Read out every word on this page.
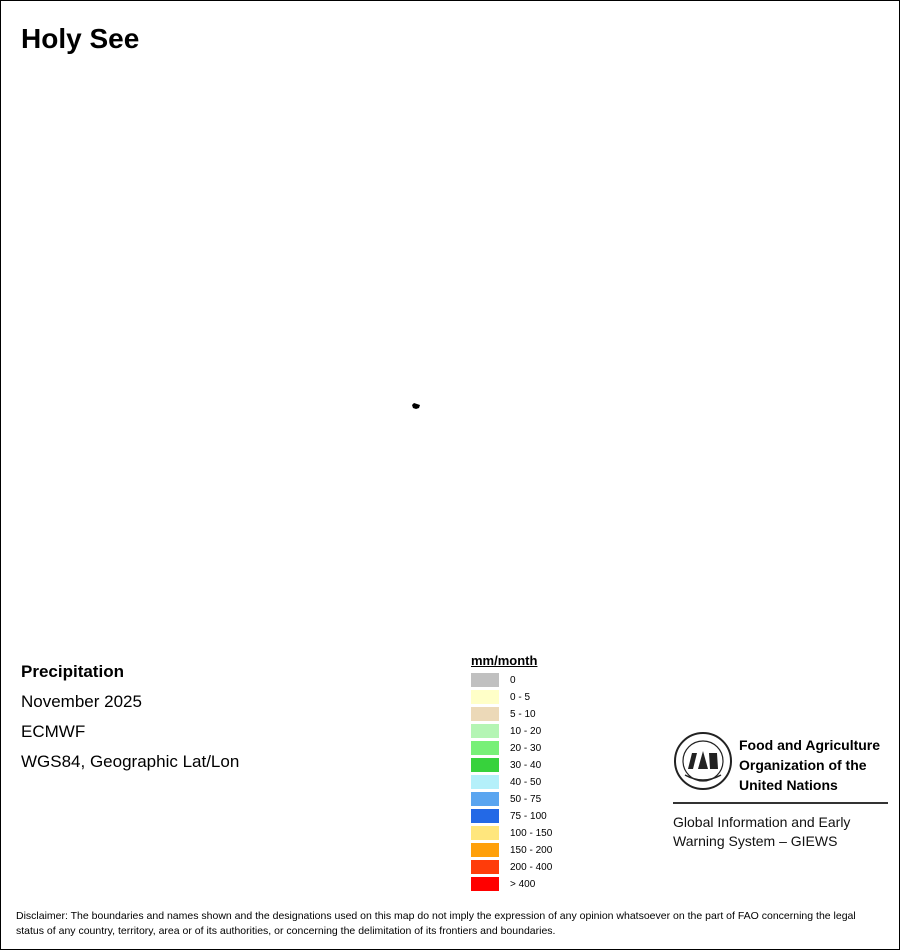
Holy See
Precipitation
November 2025
ECMWF
WGS84, Geographic Lat/Lon
mm/month
0
0 - 5
5 - 10
10 - 20
20 - 30
30 - 40
40 - 50
50 - 75
75 - 100
100 - 150
150 - 200
200 - 400
> 400
Food and Agriculture
Organization of the
United Nations
Global Information and Early
Warning System – GIEWS
Disclaimer: The boundaries and names shown and the designations used on this map do not imply the expression of any opinion whatsoever on the part of FAO concerning the legal status of any country, territory, area or of its authorities, or concerning the delimitation of its frontiers and boundaries.
